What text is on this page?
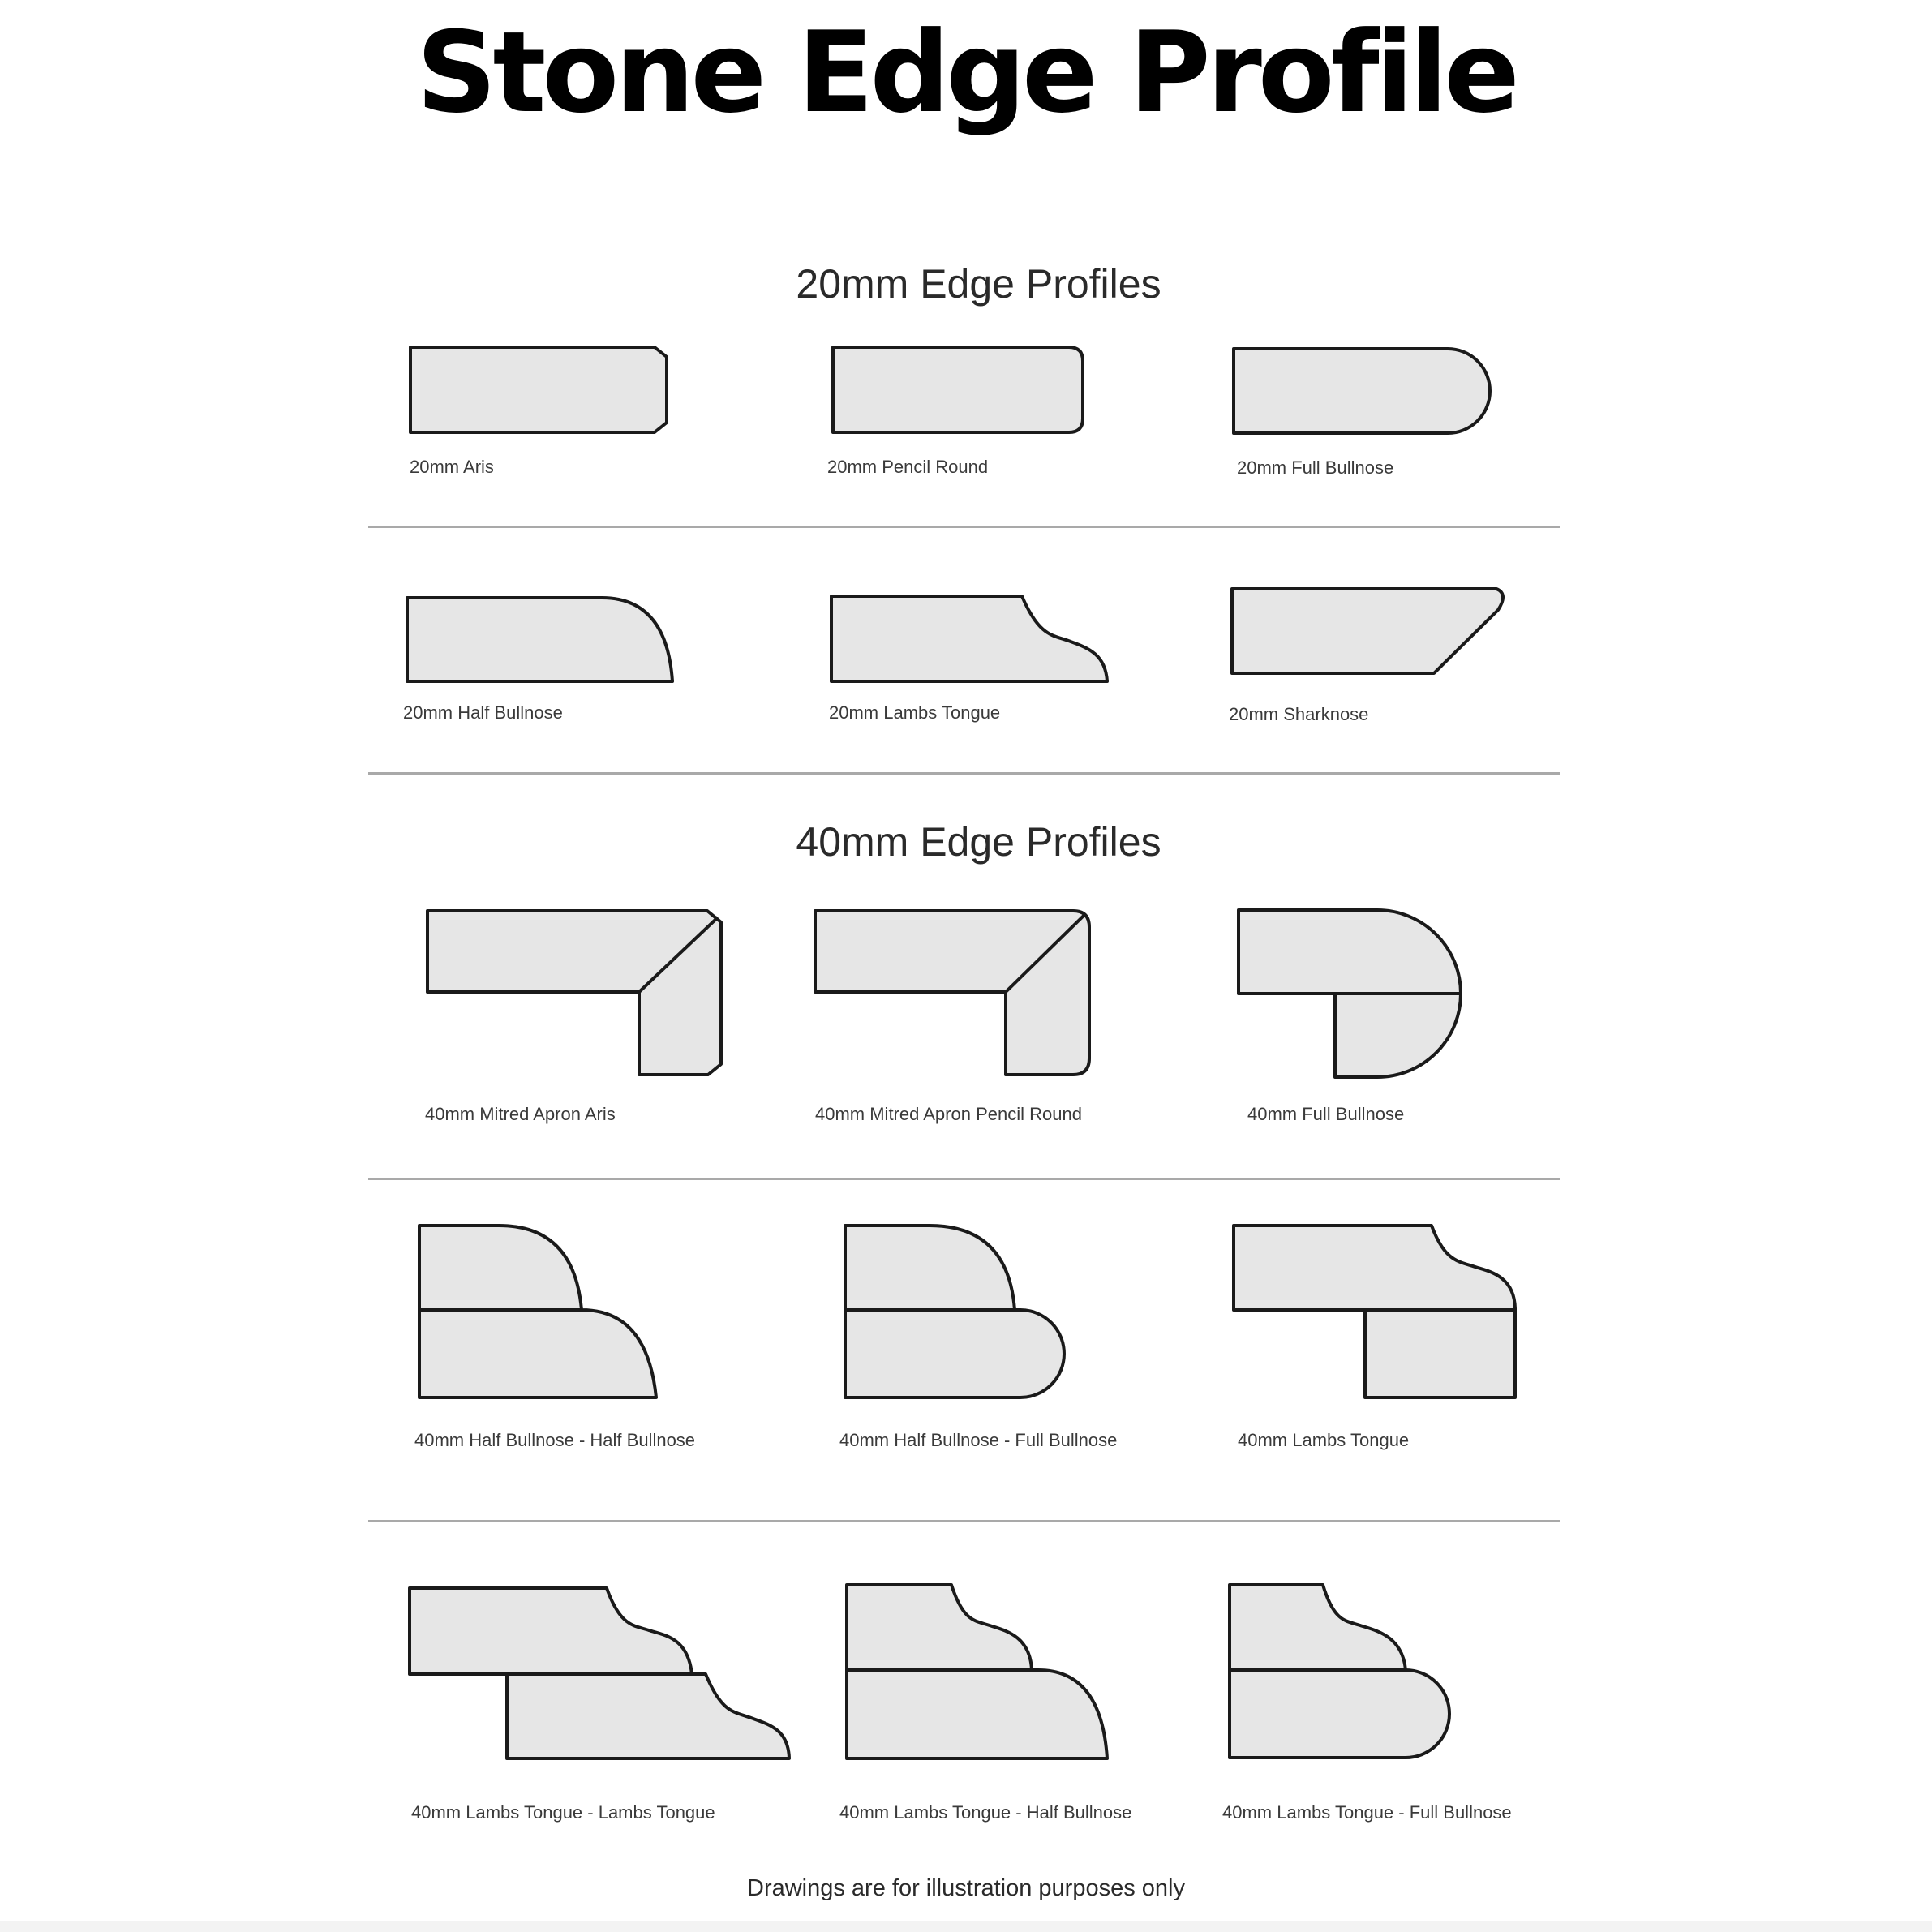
Stone Edge Profile
20mm Edge Profiles
20mm Aris	20mm Pencil Round	20mm Full Bullnose
20mm Half Bullnose	20mm Lambs Tongue	20mm Sharknose
40mm Edge Profiles
40mm Mitred Apron Aris	40mm Mitred Apron Pencil Round	40mm Full Bullnose
40mm Half Bullnose - Half Bullnose	40mm Half Bullnose - Full Bullnose	40mm Lambs Tongue
40mm Lambs Tongue - Lambs Tongue	40mm Lambs Tongue - Half Bullnose	40mm Lambs Tongue - Full Bullnose
Drawings are for illustration purposes only
